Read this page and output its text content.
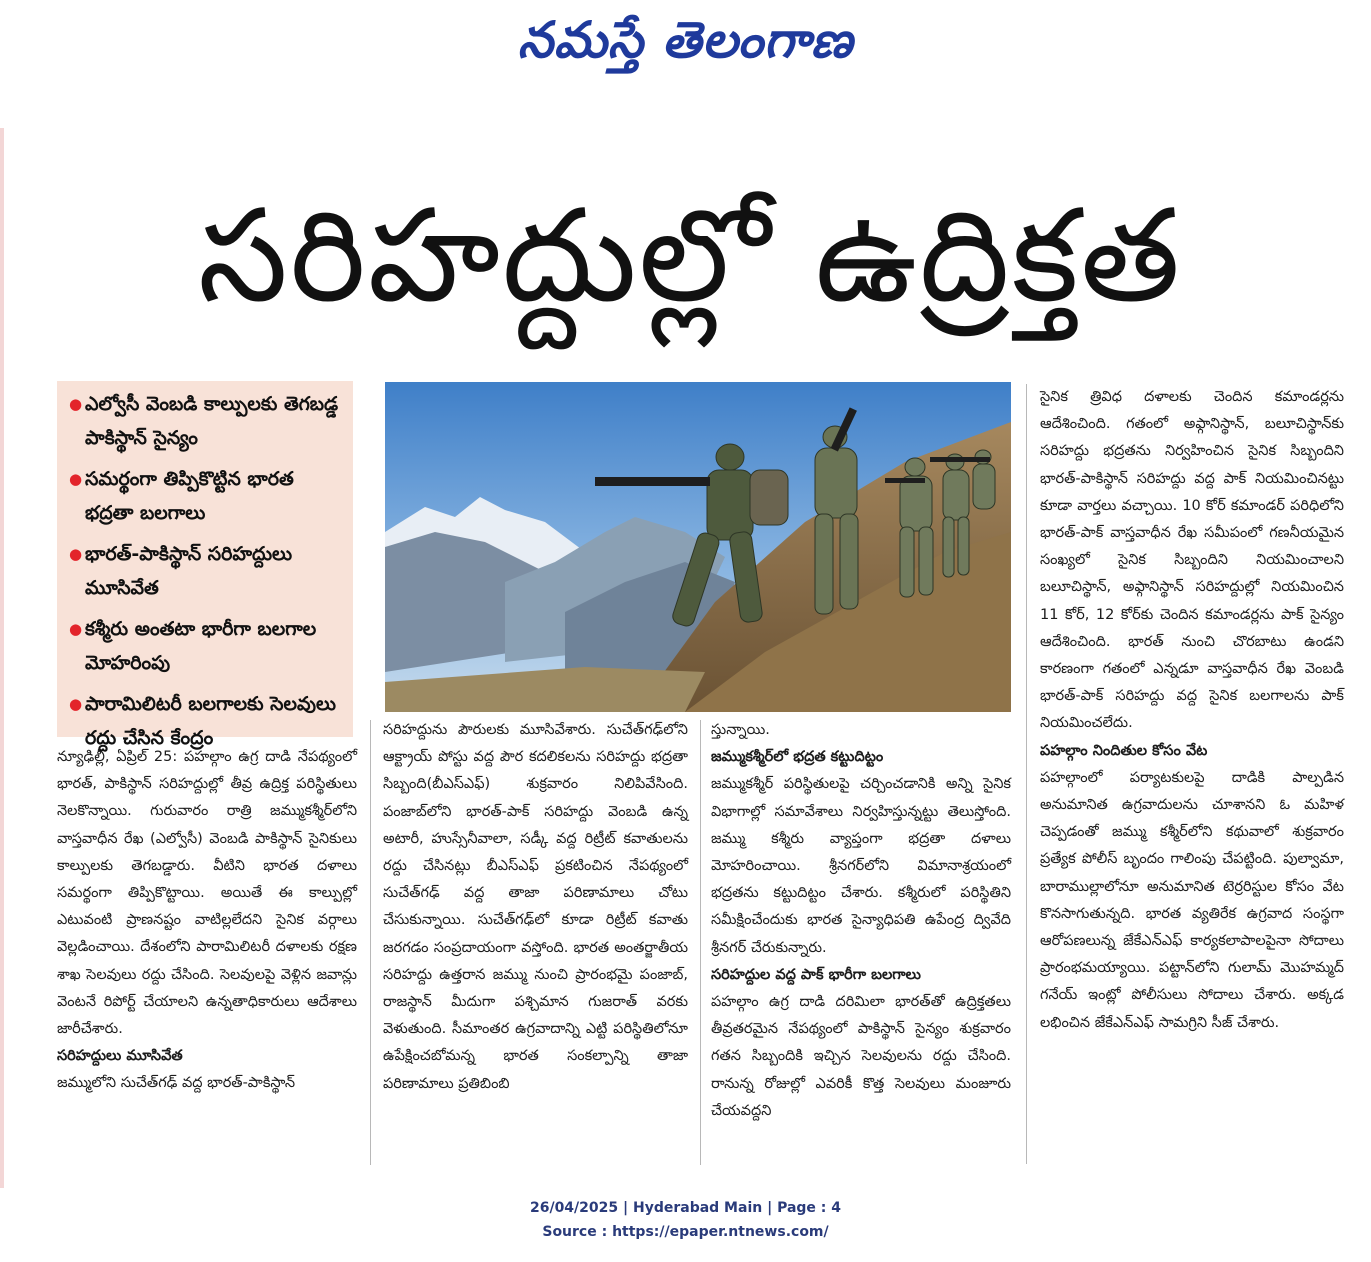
నమస్తే తెలంగాణ
సరిహద్దుల్లో ఉద్రిక్తత
● ఎల్వోసీ వెంబడి కాల్పులకు తెగబడ్డ పాకిస్థాన్‌ సైన్యం
● సమర్థంగా తిప్పికొట్టిన భారత భద్రతా బలగాలు
● భారత్‌-పాకిస్థాన్‌ సరిహద్దులు మూసివేత
● కశ్మీరు అంతటా భారీగా బలగాల మోహరింపు
● పారామిలిటరీ బలగాలకు సెలవులు రద్దు చేసిన కేంద్రం

న్యూఢిల్లీ, ఏప్రిల్‌ 25: పహల్గాం ఉగ్ర దాడి నేపథ్యంలో భారత్‌, పాకిస్థాన్‌ సరిహద్దుల్లో తీవ్ర ఉద్రిక్త పరిస్థితులు నెలకొన్నాయి. గురువారం రాత్రి జమ్ముకశ్మీర్‌లోని వాస్తవాధీన రేఖ (ఎల్వోసీ) వెంబడి పాకిస్థాన్‌ సైనికులు కాల్పులకు తెగబడ్డారు. వీటిని భారత దళాలు సమర్థంగా తిప్పికొట్టాయి. అయితే ఈ కాల్పుల్లో ఎటువంటి ప్రాణనష్టం వాటిల్లలేదని సైనిక వర్గాలు వెల్లడించాయి. దేశంలోని పారామిలిటరీ దళాలకు రక్షణ శాఖ సెలవులు రద్దు చేసింది. సెలవులపై వెళ్లిన జవాన్లు వెంటనే రిపోర్ట్‌ చేయాలని ఉన్నతాధికారులు ఆదేశాలు జారీచేశారు.

సరిహద్దులు మూసివేత

జమ్ములోని సుచేత్‌గఢ్‌ వద్ద భారత్‌-పాకిస్థాన్‌

సరిహద్దును పౌరులకు మూసివేశారు. సుచేత్‌గఢ్‌లోని ఆక్ట్రాయ్‌ పోస్టు వద్ద పౌర కదలికలను సరిహద్దు భద్రతా సిబ్బంది(బీఎస్‌ఎఫ్‌) శుక్రవారం నిలిపివేసింది. పంజాబ్‌లోని భారత్‌-పాక్‌ సరిహద్దు వెంబడి ఉన్న అటారీ, హుస్సేనీవాలా, సడ్కీ వద్ద రిట్రీట్‌ కవాతులను రద్దు చేసినట్లు బీఎస్‌ఎఫ్‌ ప్రకటించిన నేపథ్యంలో సుచేత్‌గఢ్‌ వద్ద తాజా పరిణామాలు చోటు చేసుకున్నాయి. సుచేత్‌గఢ్‌లో కూడా రిట్రీట్‌ కవాతు జరగడం సంప్రదాయంగా వస్తోంది. భారత అంతర్జాతీయ సరిహద్దు ఉత్తరాన జమ్ము నుంచి ప్రారంభమై పంజాబ్‌, రాజస్థాన్‌ మీదుగా పశ్చిమాన గుజరాత్‌ వరకు వెళుతుంది. సీమాంతర ఉగ్రవాదాన్ని ఎట్టి పరిస్థితిలోనూ ఉపేక్షించబోమన్న భారత సంకల్పాన్ని తాజా పరిణామాలు ప్రతిబింబి

స్తున్నాయి.

జమ్ముకశ్మీర్‌లో భద్రత కట్టుదిట్టం

జమ్ముకశ్మీర్‌ పరిస్థితులపై చర్చించడానికి అన్ని సైనిక విభాగాల్లో సమావేశాలు నిర్వహిస్తున్నట్టు తెలుస్తోంది. జమ్ము కశ్మీరు వ్యాప్తంగా భద్రతా దళాలు మోహరించాయి. శ్రీనగర్‌లోని విమానాశ్రయంలో భద్రతను కట్టుదిట్టం చేశారు. కశ్మీరులో పరిస్థితిని సమీక్షించేందుకు భారత సైన్యాధిపతి ఉపేంద్ర ద్వివేది శ్రీనగర్‌ చేరుకున్నారు.

సరిహద్దుల వద్ద పాక్‌ భారీగా బలగాలు

పహల్గాం ఉగ్ర దాడి దరిమిలా భారత్‌తో ఉద్రిక్తతలు తీవ్రతరమైన నేపథ్యంలో పాకిస్థాన్‌ సైన్యం శుక్రవారం గతన సిబ్బందికి ఇచ్చిన సెలవులను రద్దు చేసింది. రానున్న రోజుల్లో ఎవరికీ కొత్త సెలవులు మంజూరు చేయవద్దని

సైనిక త్రివిధ దళాలకు చెందిన కమాండర్లను ఆదేశించింది. గతంలో అఫ్గానిస్థాన్‌, బలూచిస్థాన్‌కు సరిహద్దు భద్రతను నిర్వహించిన సైనిక సిబ్బందిని భారత్‌-పాకిస్థాన్‌ సరిహద్దు వద్ద పాక్‌ నియమించినట్టు కూడా వార్తలు వచ్చాయి. 10 కోర్‌ కమాండర్‌ పరిధిలోని భారత్‌-పాక్‌ వాస్తవాధీన రేఖ సమీపంలో గణనీయమైన సంఖ్యలో సైనిక సిబ్బందిని నియమించాలని బలూచిస్థాన్‌, అఫ్గానిస్థాన్‌ సరిహద్దుల్లో నియమించిన 11 కోర్‌, 12 కోర్‌కు చెందిన కమాండర్లను పాక్‌ సైన్యం ఆదేశించింది. భారత్‌ నుంచి చొరబాటు ఉండని కారణంగా గతంలో ఎన్నడూ వాస్తవాధీన రేఖ వెంబడి భారత్‌-పాక్‌ సరిహద్దు వద్ద సైనిక బలగాలను పాక్‌ నియమించలేదు.

పహల్గాం నిందితుల కోసం వేట

పహల్గాంలో పర్యాటకులపై దాడికి పాల్పడిన అనుమానిత ఉగ్రవాదులను చూశానని ఓ మహిళ చెప్పడంతో జమ్ము కశ్మీర్‌లోని కథువాలో శుక్రవారం ప్రత్యేక పోలీస్‌ బృందం గాలింపు చేపట్టింది. పుల్వామా, బారాముల్లాలోనూ అనుమానిత టెర్రరిస్టుల కోసం వేట కొనసాగుతున్నది. భారత వ్యతిరేక ఉగ్రవాద సంస్థగా ఆరోపణలున్న జేకేఎన్‌ఎఫ్‌ కార్యకలాపాలపైనా సోదాలు ప్రారంభమయ్యాయి. పట్టాన్‌లోని గులామ్‌ మొహమ్మద్‌ గనేయ్‌ ఇంట్లో పోలీసులు సోదాలు చేశారు. అక్కడ లభించిన జేకేఎన్‌ఎఫ్‌ సామగ్రిని సీజ్‌ చేశారు.

26/04/2025 | Hyderabad Main | Page : 4
Source : https://epaper.ntnews.com/
